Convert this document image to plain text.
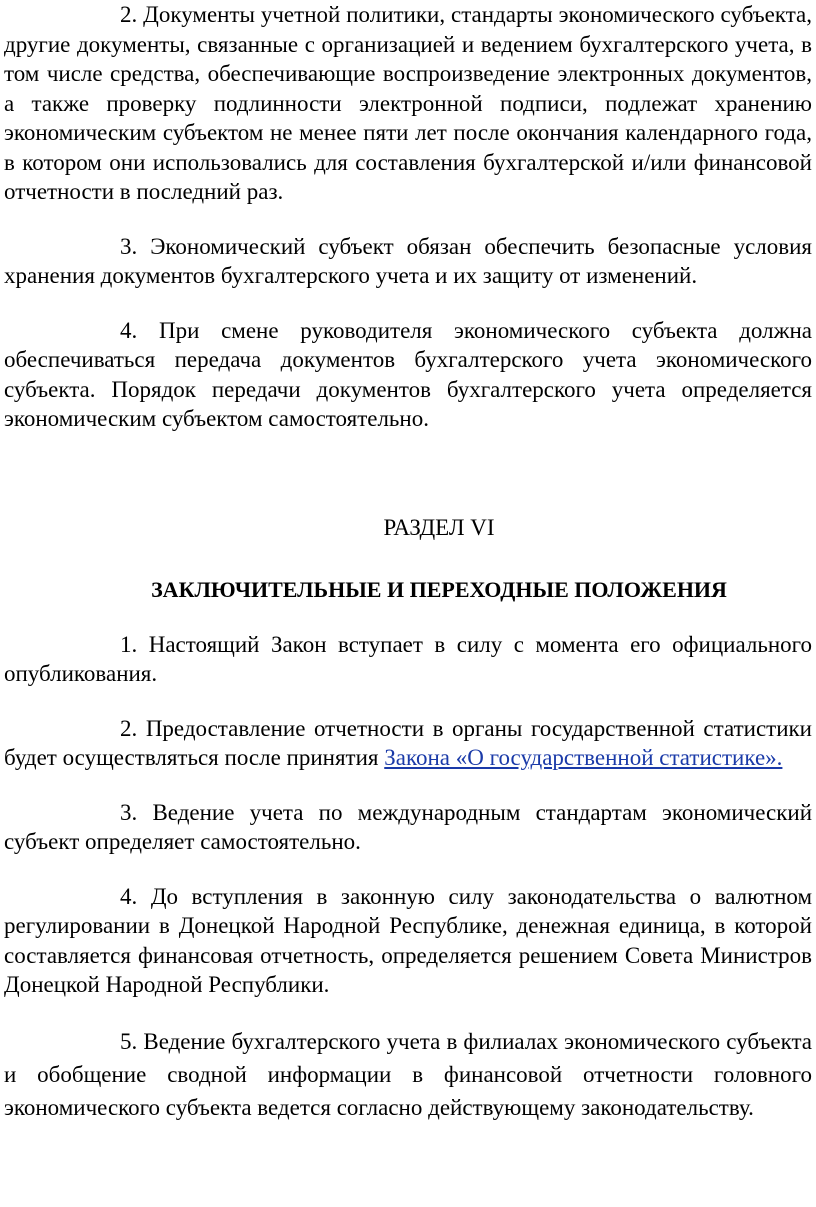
2. Документы учетной политики, стандарты экономического субъекта, другие документы, связанные с организацией и ведением бухгалтерского учета, в том числе средства, обеспечивающие воспроизведение электронных документов, а также проверку подлинности электронной подписи, подлежат хранению экономическим субъектом не менее пяти лет после окончания календарного года, в котором они использовались для составления бухгалтерской и/или финансовой отчетности в последний раз.

3. Экономический субъект обязан обеспечить безопасные условия хранения документов бухгалтерского учета и их защиту от изменений.

4. При смене руководителя экономического субъекта должна обеспечиваться передача документов бухгалтерского учета экономического субъекта. Порядок передачи документов бухгалтерского учета определяется экономическим субъектом самостоятельно.

РАЗДЕЛ VI

ЗАКЛЮЧИТЕЛЬНЫЕ И ПЕРЕХОДНЫЕ ПОЛОЖЕНИЯ

1. Настоящий Закон вступает в силу с момента его официального опубликования.

2. Предоставление отчетности в органы государственной статистики будет осуществляться после принятия Закона «О государственной статистике».

3. Ведение учета по международным стандартам экономический субъект определяет самостоятельно.

4. До вступления в законную силу законодательства о валютном регулировании в Донецкой Народной Республике, денежная единица, в которой составляется финансовая отчетность, определяется решением Совета Министров Донецкой Народной Республики.

5. Ведение бухгалтерского учета в филиалах экономического субъекта и обобщение сводной информации в финансовой отчетности головного экономического субъекта ведется согласно действующему законодательству.
